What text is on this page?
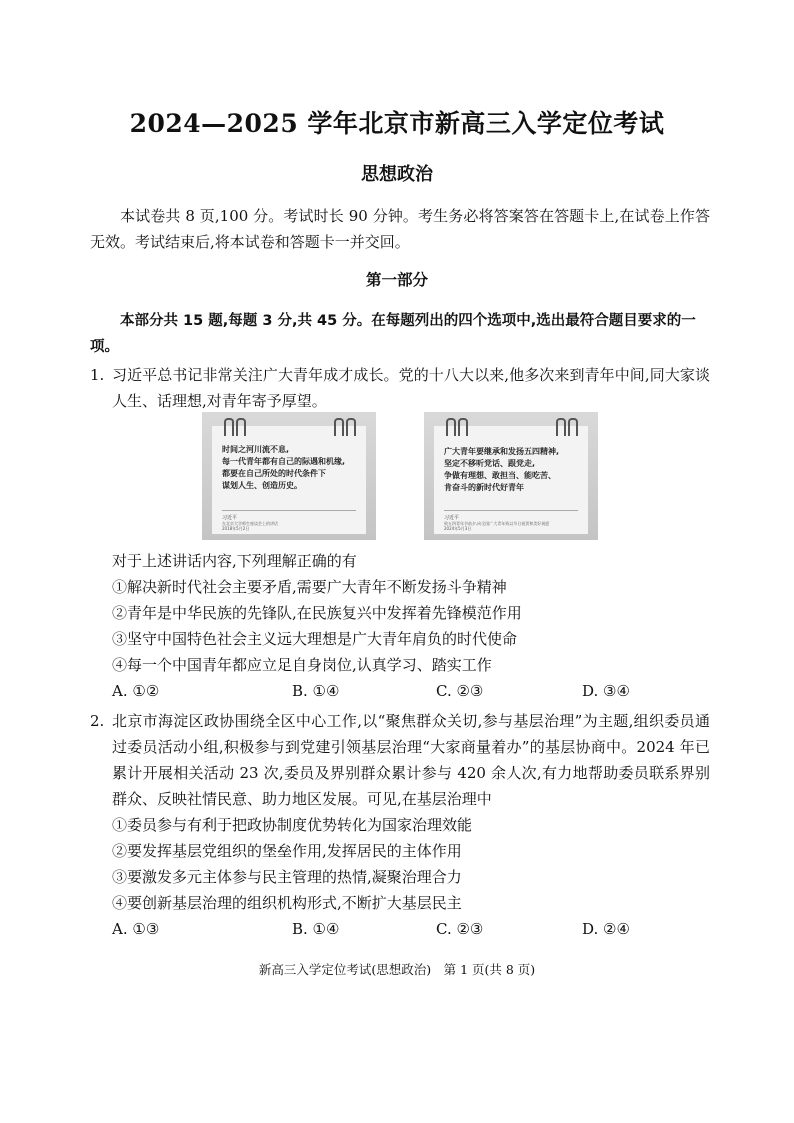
2024—2025 学年北京市新高三入学定位考试
思想政治
本试卷共 8 页,100 分。考试时长 90 分钟。考生务必将答案答在答题卡上,在试卷上作答无效。考试结束后,将本试卷和答题卡一并交回。
第一部分
本部分共 15 题,每题 3 分,共 45 分。在每题列出的四个选项中,选出最符合题目要求的一项。
1. 习近平总书记非常关注广大青年成才成长。党的十八大以来,他多次来到青年中间,同大家谈人生、话理想,对青年寄予厚望。
时间之河川流不息,
每一代青年都有自己的际遇和机缘,
都要在自己所处的时代条件下
谋划人生、创造历史。
习近平
在北京大学师生座谈会上的讲话
2018年5月2日
广大青年要继承和发扬五四精神,
坚定不移听党话、跟党走,
争做有理想、敢担当、能吃苦、
肯奋斗的新时代好青年
习近平
致五四青年节前夕,向全国广大青年致以节日祝贺和美好祝愿
2024年5月3日
对于上述讲话内容,下列理解正确的有
①解决新时代社会主要矛盾,需要广大青年不断发扬斗争精神
②青年是中华民族的先锋队,在民族复兴中发挥着先锋模范作用
③坚守中国特色社会主义远大理想是广大青年肩负的时代使命
④每一个中国青年都应立足自身岗位,认真学习、踏实工作
A. ①②	B. ①④	C. ②③	D. ③④
2. 北京市海淀区政协围绕全区中心工作,以“聚焦群众关切,参与基层治理”为主题,组织委员通过委员活动小组,积极参与到党建引领基层治理“大家商量着办”的基层协商中。2024 年已累计开展相关活动 23 次,委员及界别群众累计参与 420 余人次,有力地帮助委员联系界别群众、反映社情民意、助力地区发展。可见,在基层治理中
①委员参与有利于把政协制度优势转化为国家治理效能
②要发挥基层党组织的堡垒作用,发挥居民的主体作用
③要激发多元主体参与民主管理的热情,凝聚治理合力
④要创新基层治理的组织机构形式,不断扩大基层民主
A. ①③	B. ①④	C. ②③	D. ②④
新高三入学定位考试(思想政治)　第 1 页(共 8 页)
